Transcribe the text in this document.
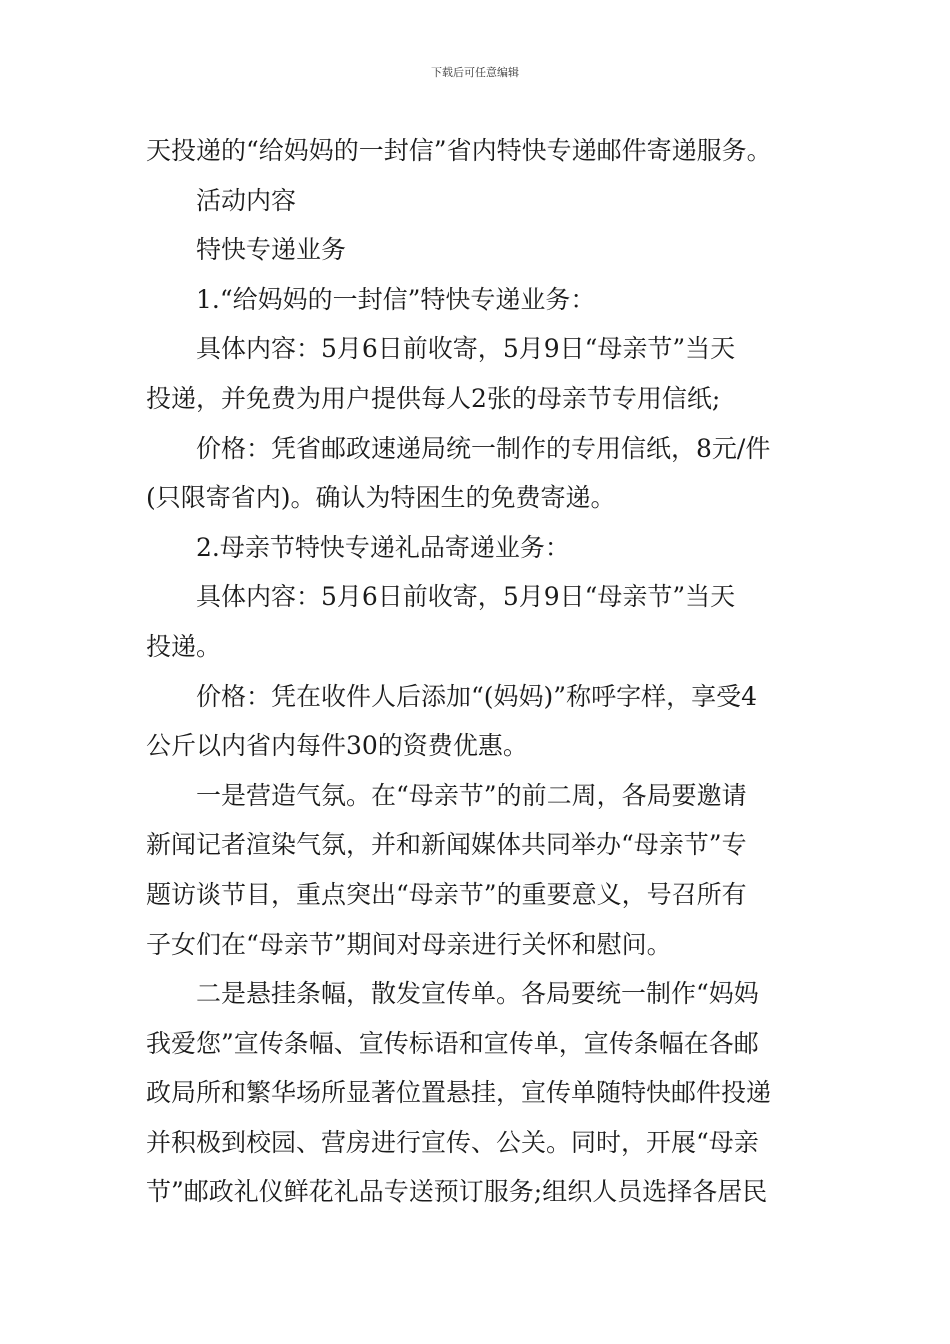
下载后可任意编辑
天投递的“给妈妈的一封信”省内特快专递邮件寄递服务。
活动内容
特快专递业务
1.“给妈妈的一封信”特快专递业务：
具体内容：5月6日前收寄，5月9日“母亲节”当天
投递，并免费为用户提供每人2张的母亲节专用信纸;
价格：凭省邮政速递局统一制作的专用信纸，8元/件
(只限寄省内)。确认为特困生的免费寄递。
2.母亲节特快专递礼品寄递业务：
具体内容：5月6日前收寄，5月9日“母亲节”当天
投递。
价格：凭在收件人后添加“(妈妈)”称呼字样，享受4
公斤以内省内每件30的资费优惠。
一是营造气氛。在“母亲节”的前二周，各局要邀请
新闻记者渲染气氛，并和新闻媒体共同举办“母亲节”专
题访谈节目，重点突出“母亲节”的重要意义，号召所有
子女们在“母亲节”期间对母亲进行关怀和慰问。
二是悬挂条幅，散发宣传单。各局要统一制作“妈妈
我爱您”宣传条幅、宣传标语和宣传单，宣传条幅在各邮
政局所和繁华场所显著位置悬挂，宣传单随特快邮件投递
并积极到校园、营房进行宣传、公关。同时，开展“母亲
节”邮政礼仪鲜花礼品专送预订服务;组织人员选择各居民
